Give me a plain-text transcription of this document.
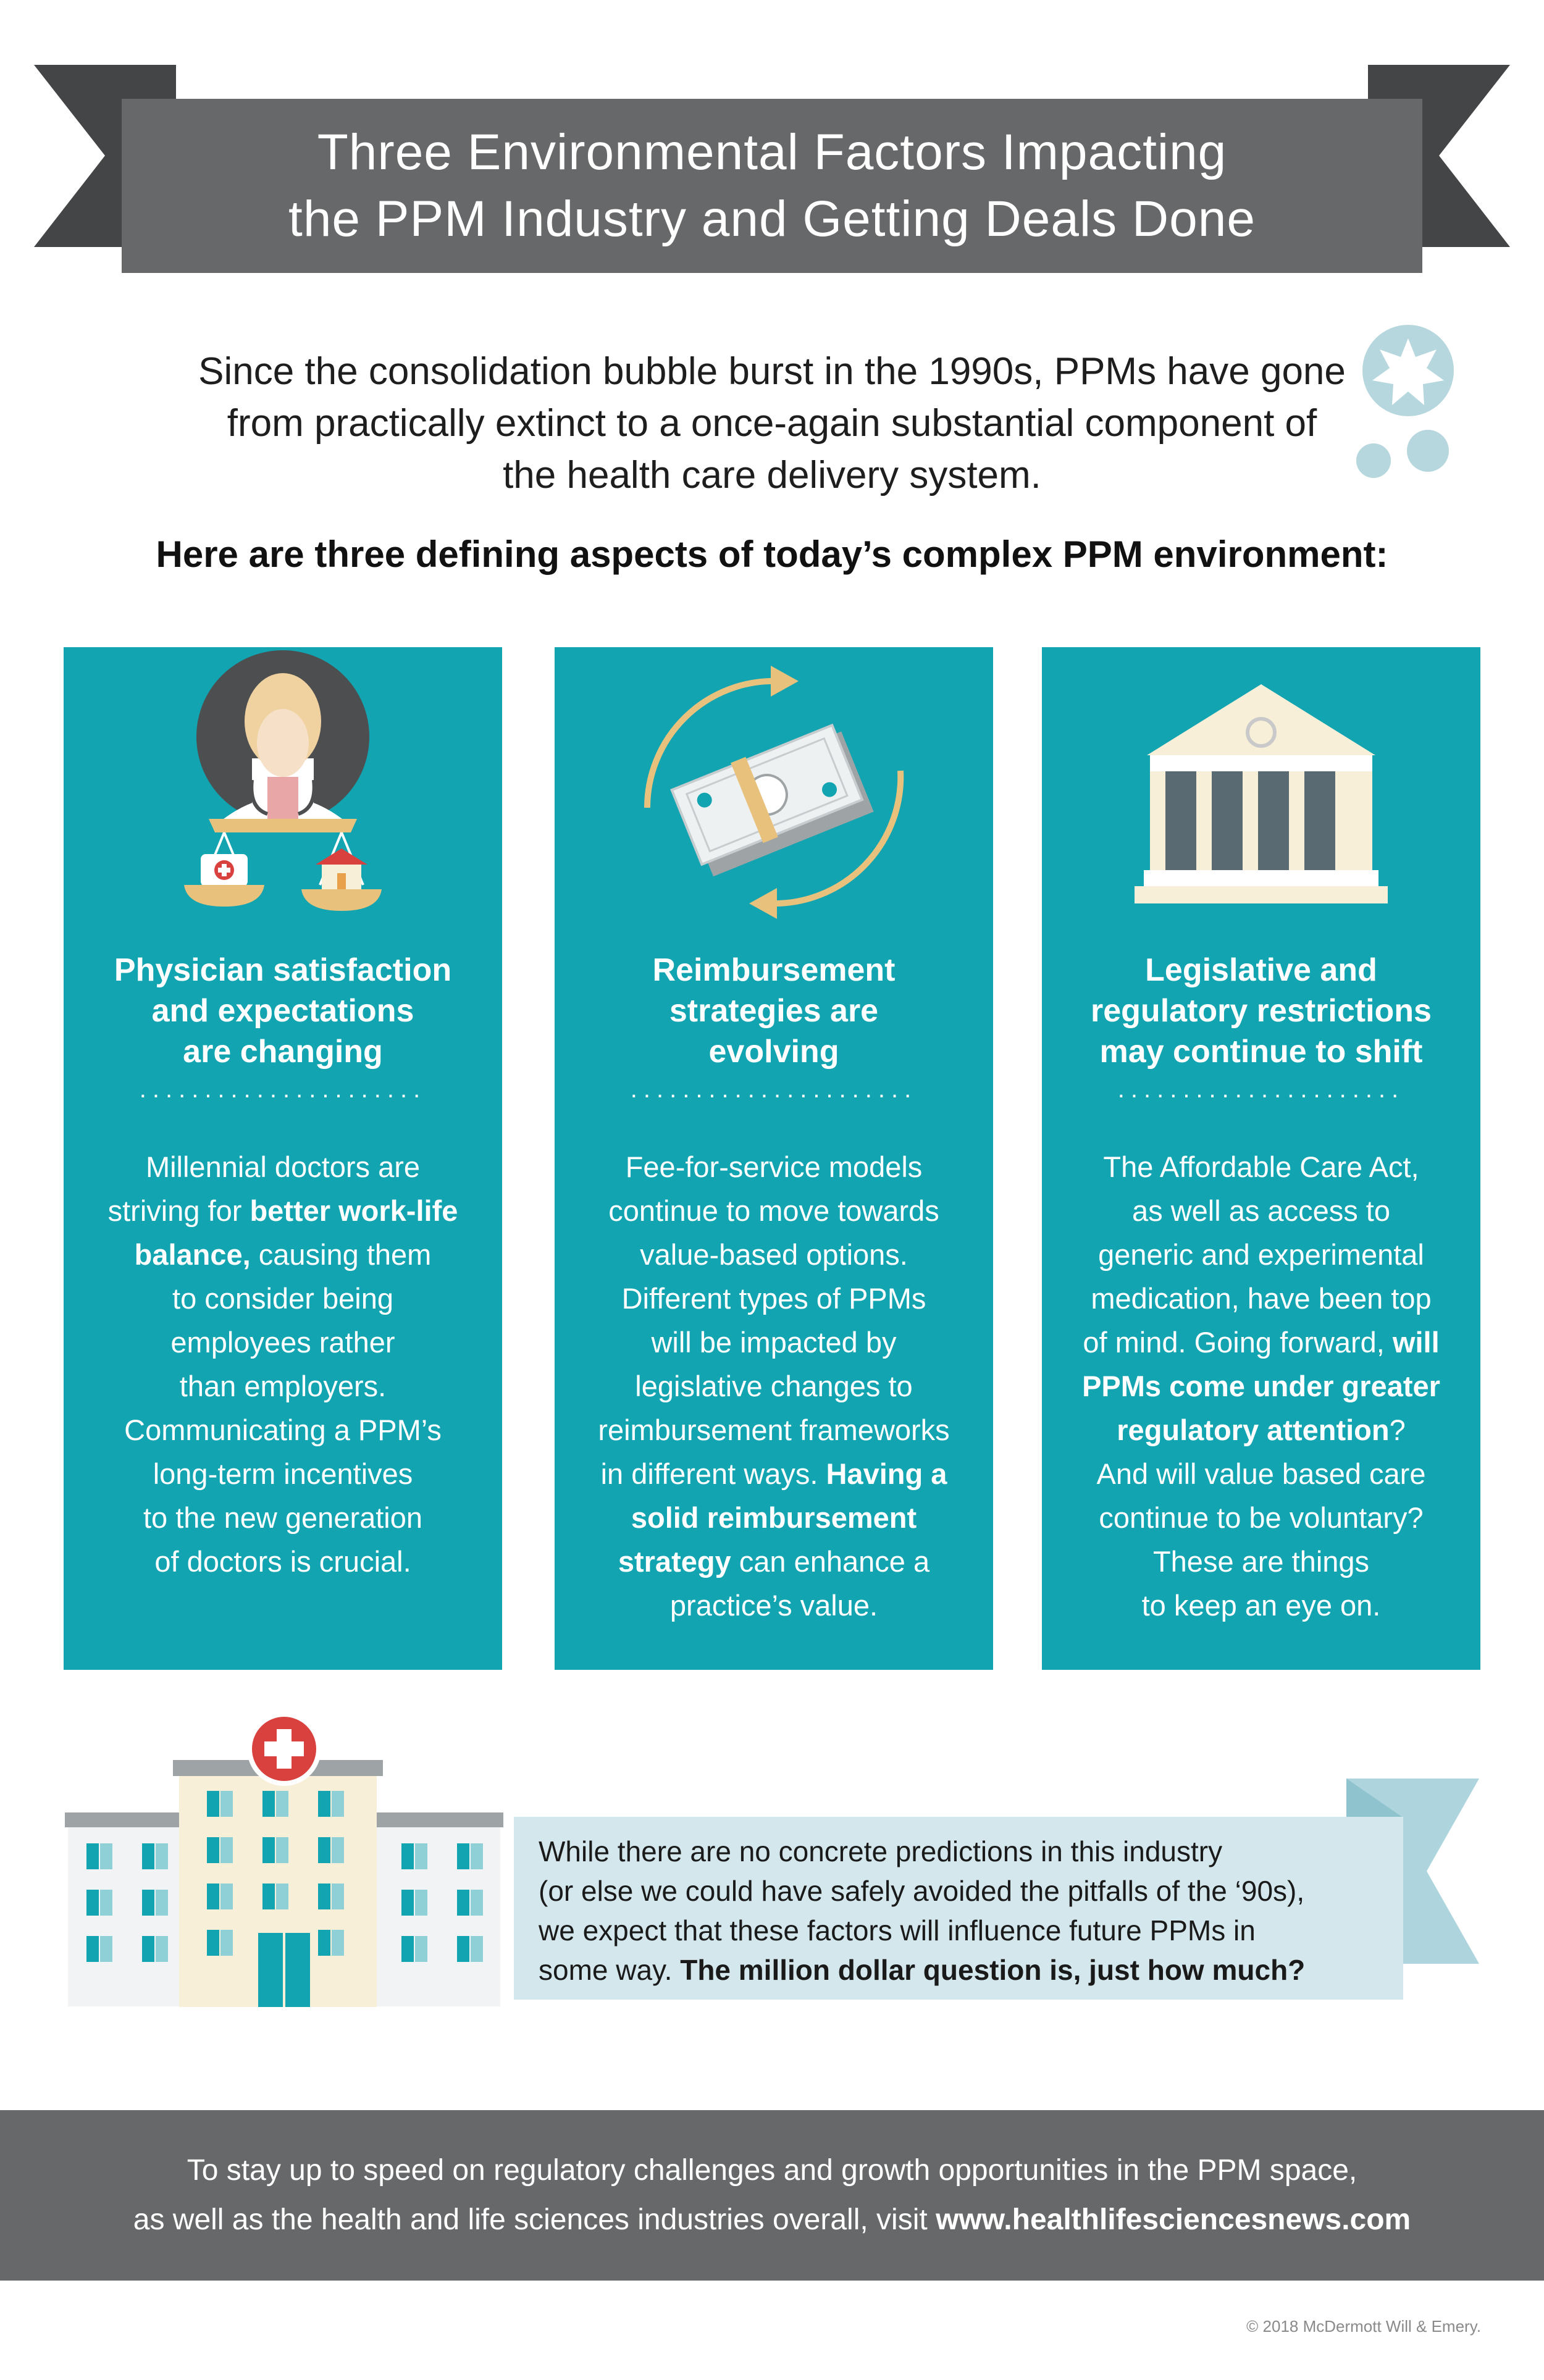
Three Environmental Factors Impacting
the PPM Industry and Getting Deals Done
Since the consolidation bubble burst in the 1990s, PPMs have gone
from practically extinct to a once-again substantial component of
the health care delivery system.
Here are three defining aspects of today’s complex PPM environment:
Physician satisfaction
and expectations
are changing
......................
Millennial doctors are
striving for better work-life
balance, causing them
to consider being
employees rather
than employers.
Communicating a PPM’s
long-term incentives
to the new generation
of doctors is crucial.
Reimbursement
strategies are
evolving
......................
Fee-for-service models
continue to move towards
value-based options.
Different types of PPMs
will be impacted by
legislative changes to
reimbursement frameworks
in different ways. Having a
solid reimbursement
strategy can enhance a
practice’s value.
Legislative and
regulatory restrictions
may continue to shift
......................
The Affordable Care Act,
as well as access to
generic and experimental
medication, have been top
of mind. Going forward, will
PPMs come under greater
regulatory attention?
And will value based care
continue to be voluntary?
These are things
to keep an eye on.
While there are no concrete predictions in this industry
(or else we could have safely avoided the pitfalls of the ‘90s),
we expect that these factors will influence future PPMs in
some way. The million dollar question is, just how much?
To stay up to speed on regulatory challenges and growth opportunities in the PPM space,
as well as the health and life sciences industries overall, visit www.healthlifesciencesnews.com
© 2018 McDermott Will & Emery.
